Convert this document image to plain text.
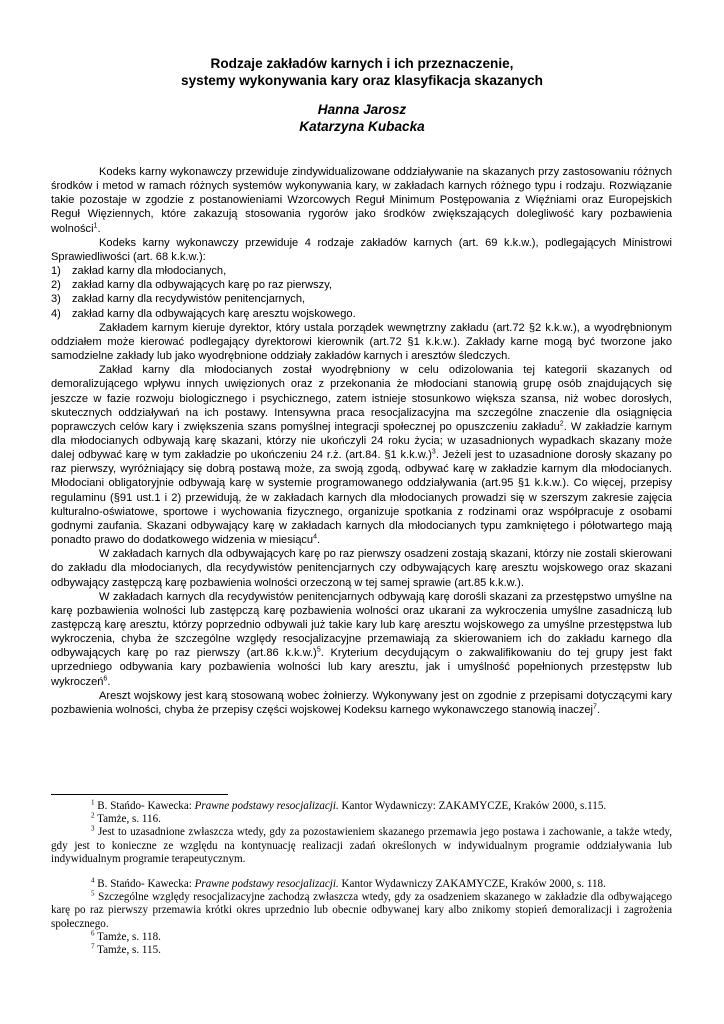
Rodzaje zakładów karnych i ich przeznaczenie,
systemy wykonywania kary oraz klasyfikacja skazanych
Hanna Jarosz
Katarzyna Kubacka

Kodeks karny wykonawczy przewiduje zindywidualizowane oddziaływanie na skazanych przy zastosowaniu różnych środków i metod w ramach różnych systemów wykonywania kary, w zakładach karnych różnego typu i rodzaju. Rozwiązanie takie pozostaje w zgodzie z postanowieniami Wzorcowych Reguł Minimum Postępowania z Więźniami oraz Europejskich Reguł Więziennych, które zakazują stosowania rygorów jako środków zwiększających dolegliwość kary pozbawienia wolności$^1$.

Kodeks karny wykonawczy przewiduje 4 rodzaje zakładów karnych (art. 69 k.k.w.), podlegających Ministrowi Sprawiedliwości (art. 68 k.k.w.):

1) zakład karny dla młodocianych,
2) zakład karny dla odbywających karę po raz pierwszy,
3) zakład karny dla recydywistów penitencjarnych,
4) zakład karny dla odbywających karę aresztu wojskowego.

Zakładem karnym kieruje dyrektor, który ustala porządek wewnętrzny zakładu (art.72 §2 k.k.w.), a wyodrębnionym oddziałem może kierować podlegający dyrektorowi kierownik (art.72 §1 k.k.w.). Zakłady karne mogą być tworzone jako samodzielne zakłady lub jako wyodrębnione oddziały zakładów karnych i aresztów śledczych.

Zakład karny dla młodocianych został wyodrębniony w celu odizolowania tej kategorii skazanych od demoralizującego wpływu innych uwięzionych oraz z przekonania że młodociani stanowią grupę osób znajdujących się jeszcze w fazie rozwoju biologicznego i psychicznego, zatem istnieje stosunkowo większa szansa, niż wobec dorosłych, skutecznych oddziaływań na ich postawy. Intensywna praca resocjalizacyjna ma szczególne znaczenie dla osiągnięcia poprawczych celów kary i zwiększenia szans pomyślnej integracji społecznej po opuszczeniu zakładu$^2$. W zakładzie karnym dla młodocianych odbywają karę skazani, którzy nie ukończyli 24 roku życia; w uzasadnionych wypadkach skazany może dalej odbywać karę w tym zakładzie po ukończeniu 24 r.ż. (art.84. §1 k.k.w.)$^3$. Jeżeli jest to uzasadnione dorosły skazany po raz pierwszy, wyróżniający się dobrą postawą może, za swoją zgodą, odbywać karę w zakładzie karnym dla młodocianych. Młodociani obligatoryjnie odbywają karę w systemie programowanego oddziaływania (art.95 §1 k.k.w.). Co więcej, przepisy regulaminu (§91 ust.1 i 2) przewidują, że w zakładach karnych dla młodocianych prowadzi się w szerszym zakresie zajęcia kulturalno-oświatowe, sportowe i wychowania fizycznego, organizuje spotkania z rodzinami oraz współpracuje z osobami godnymi zaufania. Skazani odbywający karę w zakładach karnych dla młodocianych typu zamkniętego i półotwartego mają ponadto prawo do dodatkowego widzenia w miesiącu$^4$.

W zakładach karnych dla odbywających karę po raz pierwszy osadzeni zostają skazani, którzy nie zostali skierowani do zakładu dla młodocianych, dla recydywistów penitencjarnych czy odbywających karę aresztu wojskowego oraz skazani odbywający zastępczą karę pozbawienia wolności orzeczoną w tej samej sprawie (art.85 k.k.w.).

W zakładach karnych dla recydywistów penitencjarnych odbywają karę dorośli skazani za przestępstwo umyślne na karę pozbawienia wolności lub zastępczą karę pozbawienia wolności oraz ukarani za wykroczenia umyślne zasadniczą lub zastępczą karę aresztu, którzy poprzednio odbywali już takie kary lub karę aresztu wojskowego za umyślne przestępstwa lub wykroczenia, chyba że szczególne względy resocjalizacyjne przemawiają za skierowaniem ich do zakładu karnego dla odbywających karę po raz pierwszy (art.86 k.k.w.)$^5$. Kryterium decydującym o zakwalifikowaniu do tej grupy jest fakt uprzedniego odbywania kary pozbawienia wolności lub kary aresztu, jak i umyślność popełnionych przestępstw lub wykroczeń$^6$.

Areszt wojskowy jest karą stosowaną wobec żołnierzy. Wykonywany jest on zgodnie z przepisami dotyczącymi kary pozbawienia wolności, chyba że przepisy części wojskowej Kodeksu karnego wykonawczego stanowią inaczej$^7$.

$^1$ B. Stańdo- Kawecka: Prawne podstawy resocjalizacji. Kantor Wydawniczy: ZAKAMYCZE, Kraków 2000, s.115.

$^2$ Tamże, s. 116.

$^3$ Jest to uzasadnione zwłaszcza wtedy, gdy za pozostawieniem skazanego przemawia jego postawa i zachowanie, a także wtedy, gdy jest to konieczne ze względu na kontynuację realizacji zadań określonych w indywidualnym programie oddziaływania lub indywidualnym programie terapeutycznym.

$^4$ B. Stańdo- Kawecka: Prawne podstawy resocjalizacji. Kantor Wydawniczy ZAKAMYCZE, Kraków 2000, s. 118.

$^5$ Szczególne względy resocjalizacyjne zachodzą zwłaszcza wtedy, gdy za osadzeniem skazanego w zakładzie dla odbywającego karę po raz pierwszy przemawia krótki okres uprzednio lub obecnie odbywanej kary albo znikomy stopień demoralizacji i zagrożenia społecznego.

$^6$ Tamże, s. 118.

$^7$ Tamże, s. 115.
